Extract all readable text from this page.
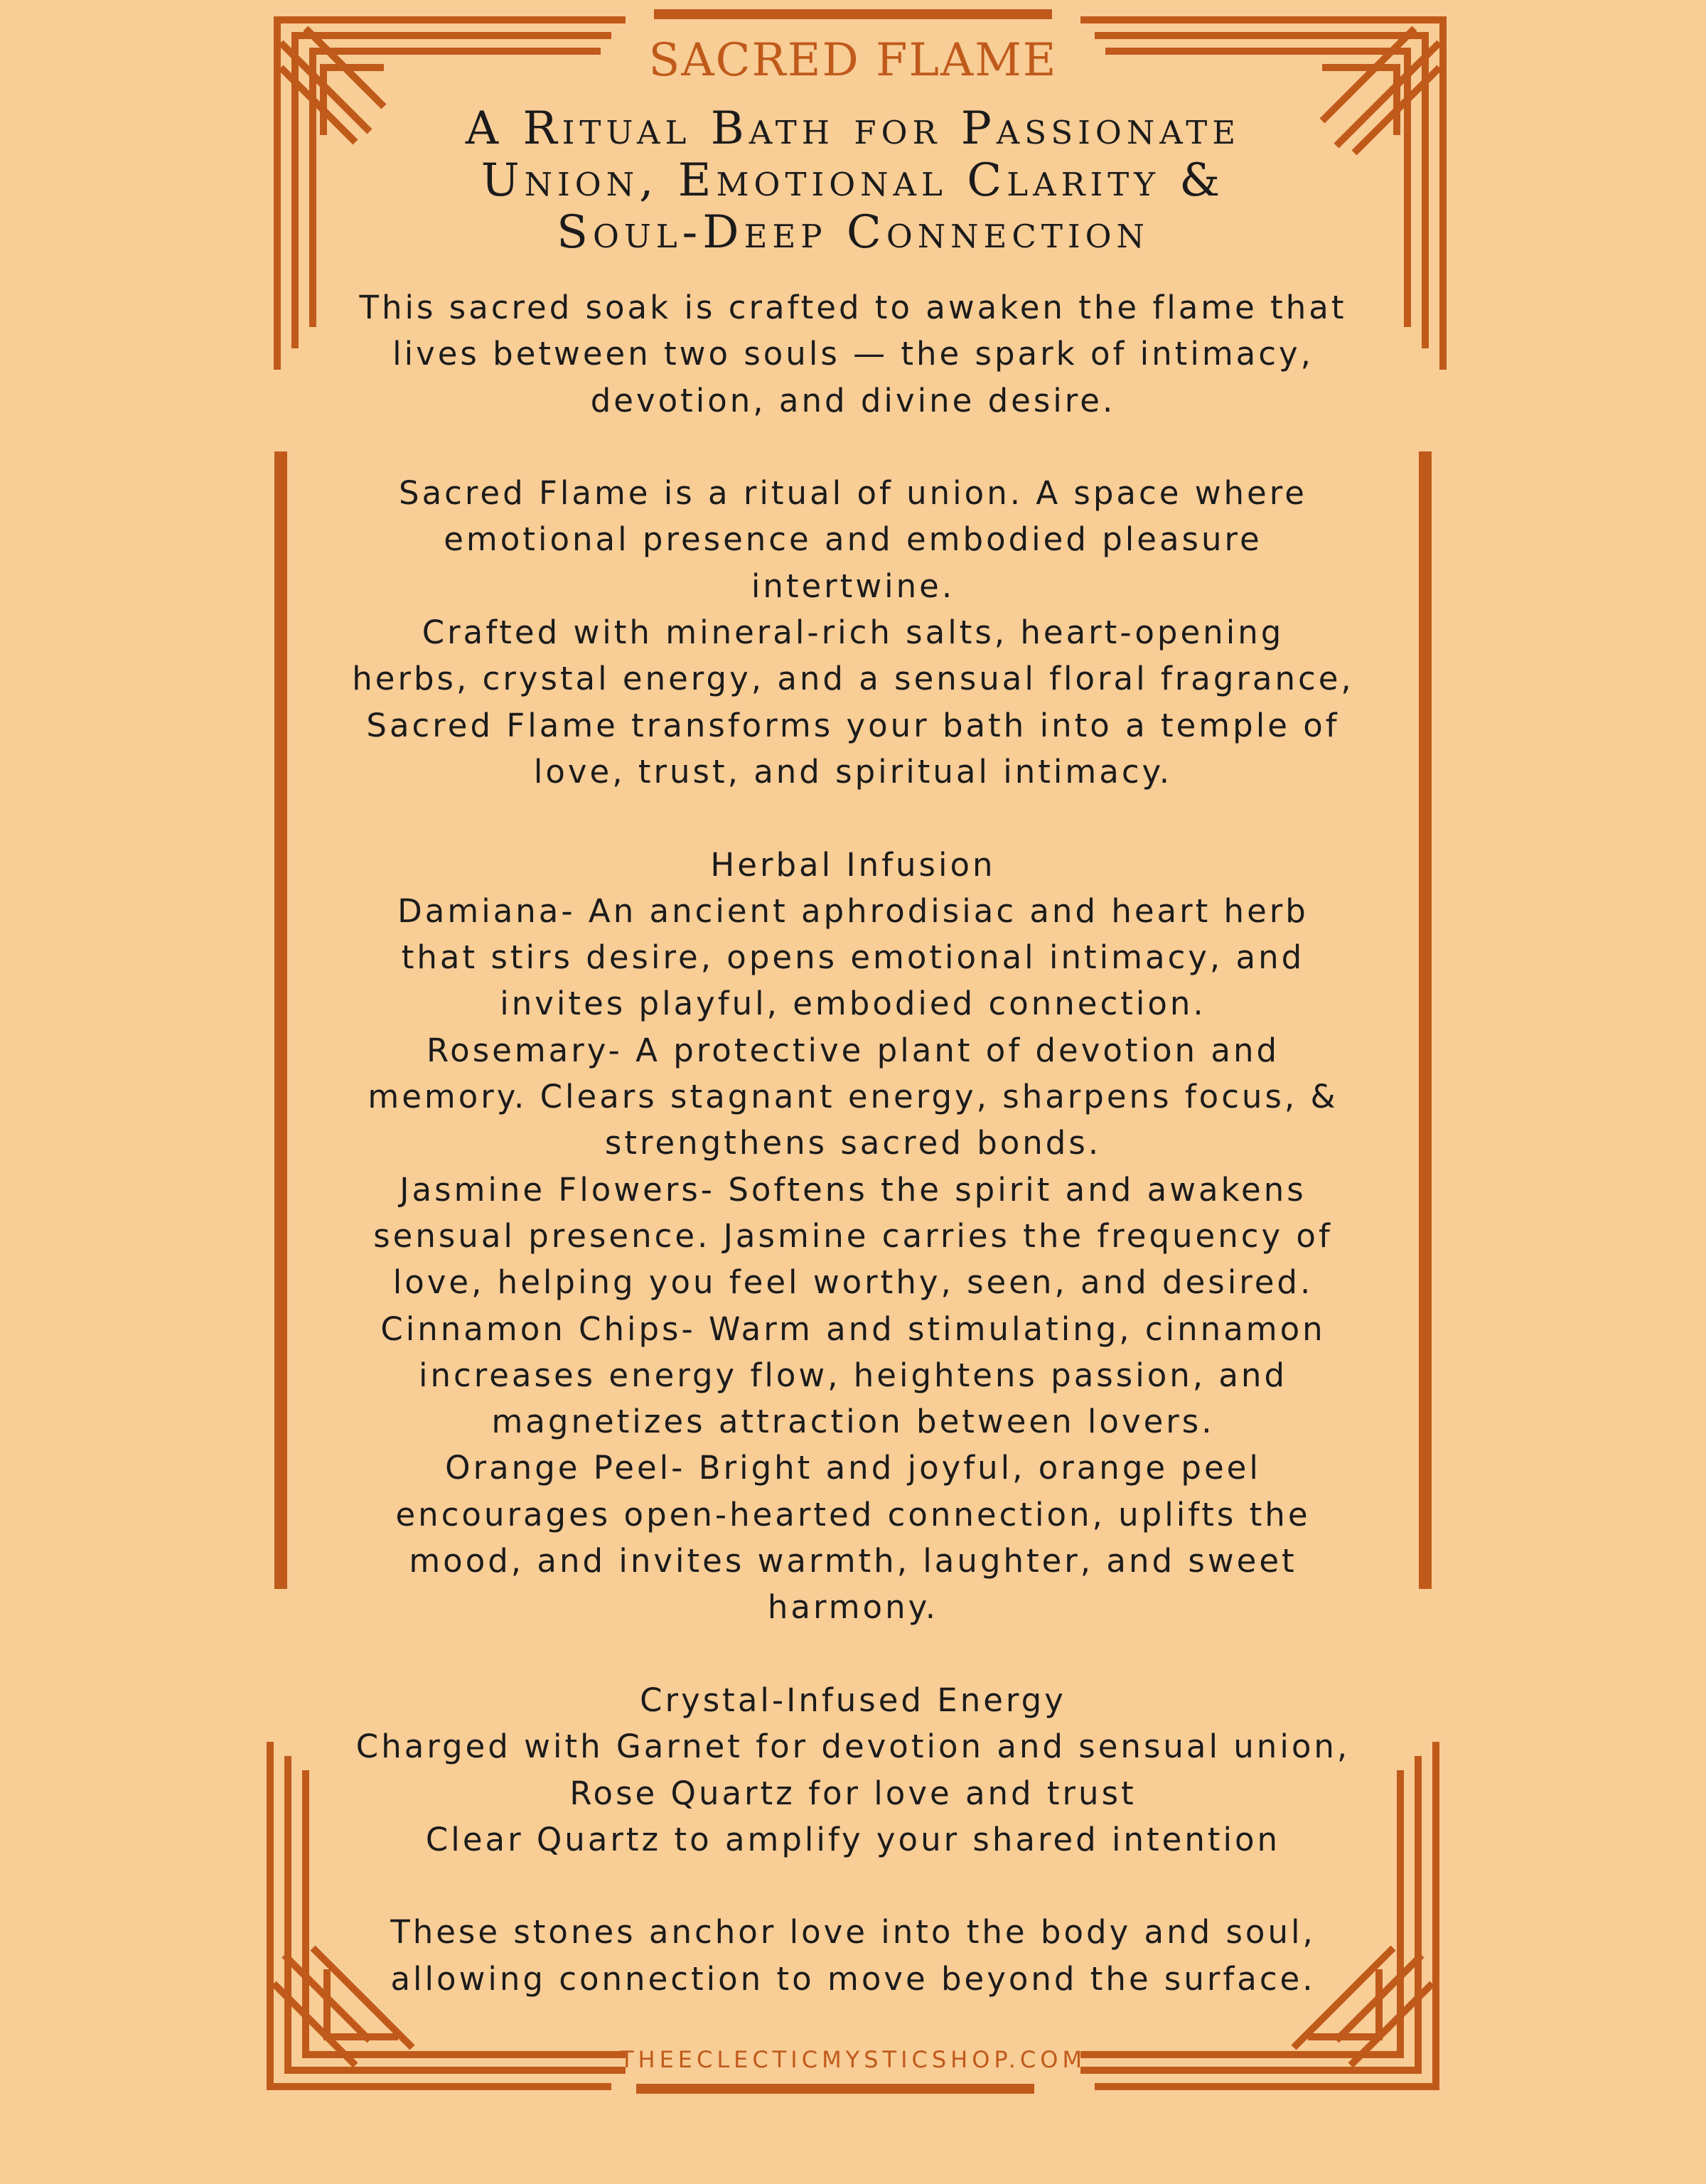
SACRED FLAME
A Ritual Bath for Passionate
Union, Emotional Clarity &
Soul-Deep Connection

This sacred soak is crafted to awaken the flame that

lives between two souls — the spark of intimacy,

devotion, and divine desire.

Sacred Flame is a ritual of union. A space where

emotional presence and embodied pleasure

intertwine.

Crafted with mineral-rich salts, heart-opening

herbs, crystal energy, and a sensual floral fragrance,

Sacred Flame transforms your bath into a temple of

love, trust, and spiritual intimacy.

Herbal Infusion

Damiana- An ancient aphrodisiac and heart herb

that stirs desire, opens emotional intimacy, and

invites playful, embodied connection.

Rosemary- A protective plant of devotion and

memory. Clears stagnant energy, sharpens focus, &

strengthens sacred bonds.

Jasmine Flowers- Softens the spirit and awakens

sensual presence. Jasmine carries the frequency of

love, helping you feel worthy, seen, and desired.

Cinnamon Chips- Warm and stimulating, cinnamon

increases energy flow, heightens passion, and

magnetizes attraction between lovers.

Orange Peel- Bright and joyful, orange peel

encourages open-hearted connection, uplifts the

mood, and invites warmth, laughter, and sweet

harmony.

Crystal-Infused Energy

Charged with Garnet for devotion and sensual union,

Rose Quartz for love and trust

Clear Quartz to amplify your shared intention

These stones anchor love into the body and soul,

allowing connection to move beyond the surface.

THEECLECTICMYSTICSHOP.COM
